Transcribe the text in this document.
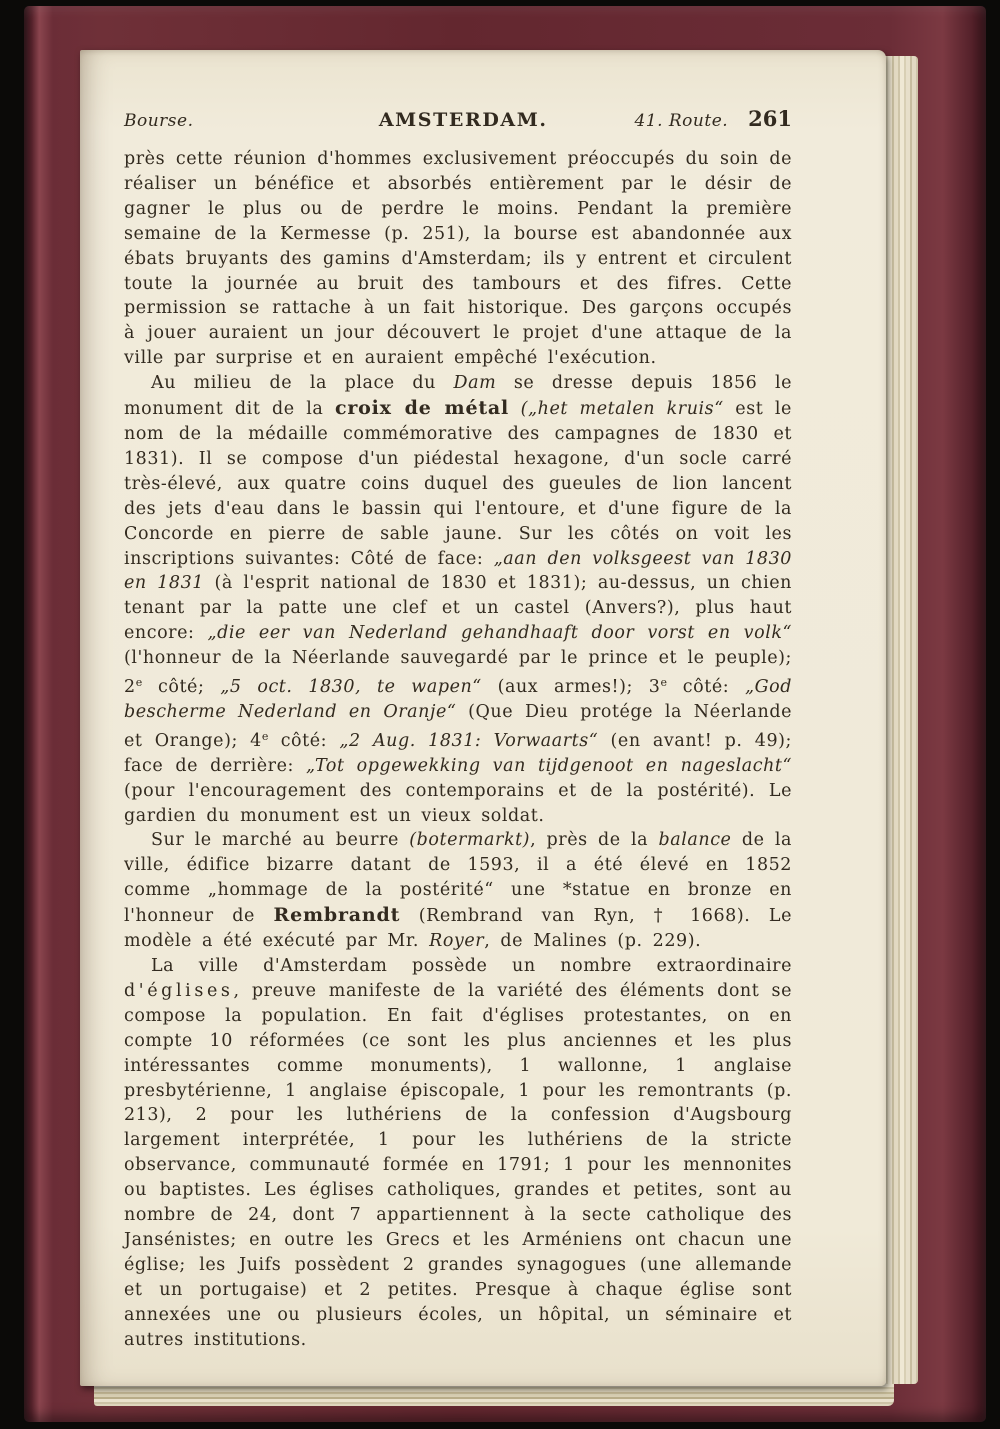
Bourse.	AMSTERDAM.	41. Route. 261

près cette réunion d'hommes exclusivement préoccupés du soin de réaliser un bénéfice et absorbés entièrement par le désir de gagner le plus ou de perdre le moins. Pendant la première semaine de la Kermesse (p. 251), la bourse est abandonnée aux ébats bruyants des gamins d'Amsterdam; ils y entrent et circulent toute la journée au bruit des tambours et des fifres. Cette permission se rattache à un fait historique. Des garçons occupés à jouer auraient un jour découvert le projet d'une attaque de la ville par surprise et en auraient empêché l'exécution.

Au milieu de la place du Dam se dresse depuis 1856 le monument dit de la croix de métal („het metalen kruis“ est le nom de la médaille commémorative des campagnes de 1830 et 1831). Il se compose d'un piédestal hexagone, d'un socle carré très-élevé, aux quatre coins duquel des gueules de lion lancent des jets d'eau dans le bassin qui l'entoure, et d'une figure de la Concorde en pierre de sable jaune. Sur les côtés on voit les inscriptions suivantes: Côté de face: „aan den volksgeest van 1830 en 1831 (à l'esprit national de 1830 et 1831); au-dessus, un chien tenant par la patte une clef et un castel (Anvers?), plus haut encore: „die eer van Nederland gehandhaaft door vorst en volk“ (l'honneur de la Néerlande sauvegardé par le prince et le peuple); 2e côté; „5 oct. 1830, te wapen“ (aux armes!); 3e côté: „God bescherme Nederland en Oranje“ (Que Dieu protége la Néerlande et Orange); 4e côté: „2 Aug. 1831: Vorwaarts“ (en avant! p. 49); face de derrière: „Tot opgewekking van tijdgenoot en nageslacht“ (pour l'encouragement des contemporains et de la postérité). Le gardien du monument est un vieux soldat.

Sur le marché au beurre (botermarkt), près de la balance de la ville, édifice bizarre datant de 1593, il a été élevé en 1852 comme „hommage de la postérité“ une *statue en bronze en l'honneur de Rembrandt (Rembrand van Ryn, † 1668). Le modèle a été exécuté par Mr. Royer, de Malines (p. 229).

La ville d'Amsterdam possède un nombre extraordinaire d'églises, preuve manifeste de la variété des éléments dont se compose la population. En fait d'églises protestantes, on en compte 10 réformées (ce sont les plus anciennes et les plus intéressantes comme monuments), 1 wallonne, 1 anglaise presbytérienne, 1 anglaise épiscopale, 1 pour les remontrants (p. 213), 2 pour les luthériens de la confession d'Augsbourg largement interprétée, 1 pour les luthériens de la stricte observance, communauté formée en 1791; 1 pour les mennonites ou baptistes. Les églises catholiques, grandes et petites, sont au nombre de 24, dont 7 appartiennent à la secte catholique des Jansénistes; en outre les Grecs et les Arméniens ont chacun une église; les Juifs possèdent 2 grandes synagogues (une allemande et un portugaise) et 2 petites. Presque à chaque église sont annexées une ou plusieurs écoles, un hôpital, un séminaire et autres institutions.
